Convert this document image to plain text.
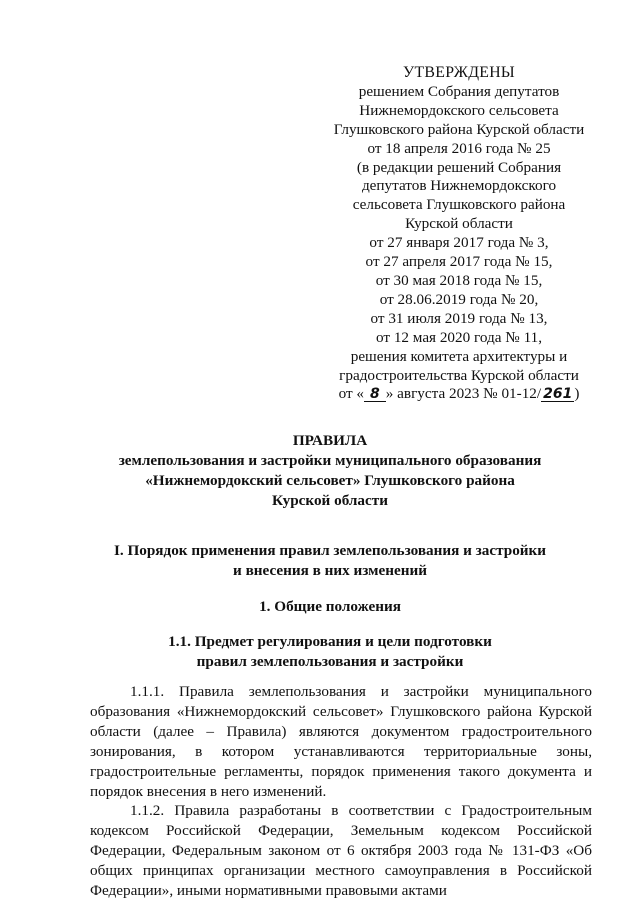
УТВЕРЖДЕНЫ
решением Собрания депутатов
Нижнемордокского сельсовета
Глушковского района Курской области
от 18 апреля 2016 года № 25
(в редакции решений Собрания
депутатов Нижнемордокского
сельсовета Глушковского района
Курской области
от 27 января 2017 года № 3,
от 27 апреля 2017 года № 15,
от 30 мая 2018 года № 15,
от 28.06.2019 года № 20,
от 31 июля 2019 года № 13,
от 12 мая 2020 года № 11,
решения комитета архитектуры и
градостроительства Курской области
от « 8 » августа 2023 № 01-12/ 261 )
ПРАВИЛА
землепользования и застройки муниципального образования
«Нижнемордокский сельсовет» Глушковского района
Курской области
I. Порядок применения правил землепользования и застройки
и внесения в них изменений
1. Общие положения
1.1. Предмет регулирования и цели подготовки
правил землепользования и застройки

1.1.1. Правила землепользования и застройки муниципального образования «Нижнемордокский сельсовет» Глушковского района Курской области (далее – Правила) являются документом градостроительного зонирования, в котором устанавливаются территориальные зоны, градостроительные регламенты, порядок применения такого документа и порядок внесения в него изменений.

1.1.2. Правила разработаны в соответствии с Градостроительным кодексом Российской Федерации, Земельным кодексом Российской Федерации, Федеральным законом от 6 октября 2003 года № 131-ФЗ «Об общих принципах организации местного самоуправления в Российской Федерации», иными нормативными правовыми актами
